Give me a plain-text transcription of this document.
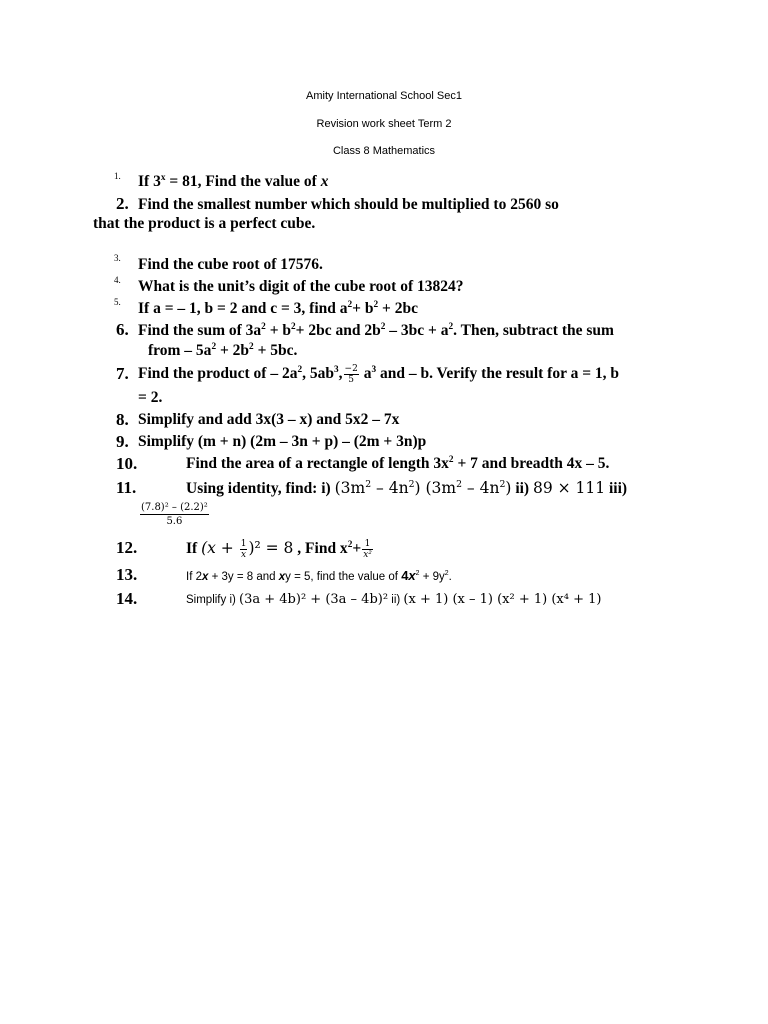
Amity International School Sec1
Revision work sheet Term 2
Class 8 Mathematics
1. If $3^x = 81$, Find the value of x
2. Find the smallest number which should be multiplied to 2560 so
that the product is a perfect cube.
3. Find the cube root of 17576.
4. What is the unit’s digit of the cube root of 13824?
5. If a = – 1, b = 2 and c = 3, find $a^2+ b^2 + 2bc$
6. Find the sum of $3a^2 + b^2+ 2bc$ and $2b^2 - 3bc + a^2$. Then, subtract the sum
from – $5a^2 + 2b^2 + 5bc$.
7. Find the product of – $2a^2$, $5ab^3$, $\frac{-2}{5} a^3$ and – b. Verify the result for a = 1, b
= 2.
8. Simplify and add 3x(3 – x) and 5x2 – 7x
9. Simplify (m + n) (2m – 3n + p) – (2m + 3n)p
10.	Find the area of a rectangle of length $3x^2 + 7$ and breadth 4x – 5.
11.	Using identity, find: i) $(3m^2 - 4n^2)$ $(3m^2 - 4n^2)$ ii) 89 × 111 iii)
$\frac{\text{(7.8)² – (2.2)²}}{5.6}$
12.	If $(x + \frac{1}{x} )^2 = 8$ , Find $x^2+ \frac{1}{\text{x²}}$
13.	If 2x + 3y = 8 and xy = 5, find the value of $4x^2 + 9y^2$.
14.	Simplify i) (3a + 4b)² + (3a – 4b)² ii) (x + 1) (x – 1) (x² + 1) (x⁴ + 1)
